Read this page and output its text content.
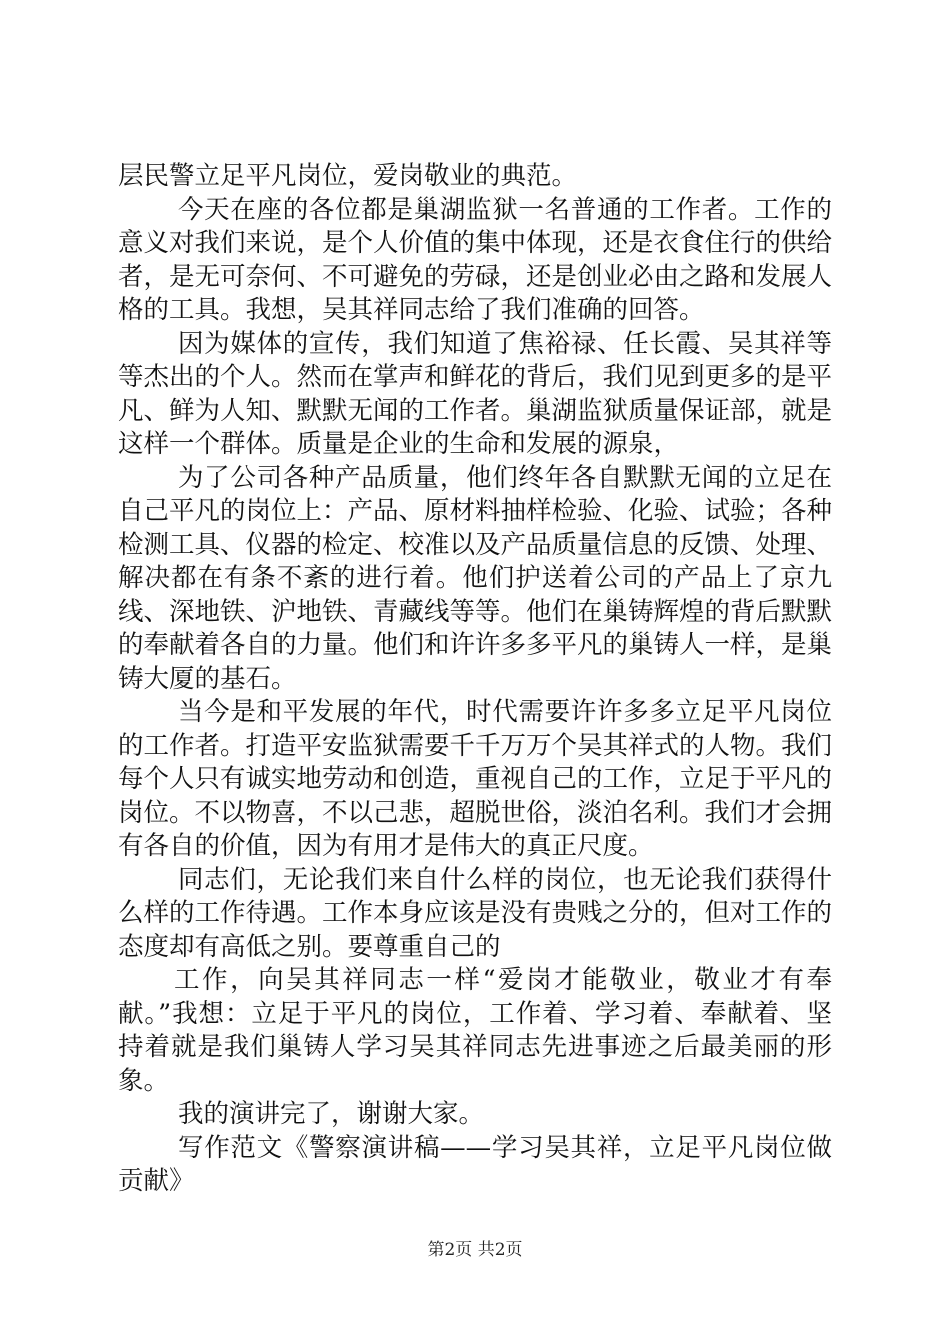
层民警立足平凡岗位，爱岗敬业的典范。

今天在座的各位都是巢湖监狱一名普通的工作者。工作的意义对我们来说，是个人价值的集中体现，还是衣食住行的供给者，是无可奈何、不可避免的劳碌，还是创业必由之路和发展人格的工具。我想，吴其祥同志给了我们准确的回答。

因为媒体的宣传，我们知道了焦裕禄、任长霞、吴其祥等等杰出的个人。然而在掌声和鲜花的背后，我们见到更多的是平凡、鲜为人知、默默无闻的工作者。巢湖监狱质量保证部，就是这样一个群体。质量是企业的生命和发展的源泉，

为了公司各种产品质量，他们终年各自默默无闻的立足在自己平凡的岗位上：产品、原材料抽样检验、化验、试验；各种检测工具、仪器的检定、校准以及产品质量信息的反馈、处理、解决都在有条不紊的进行着。他们护送着公司的产品上了京九线、深地铁、沪地铁、青藏线等等。他们在巢铸辉煌的背后默默的奉献着各自的力量。他们和许许多多平凡的巢铸人一样，是巢铸大厦的基石。

当今是和平发展的年代，时代需要许许多多立足平凡岗位的工作者。打造平安监狱需要千千万万个吴其祥式的人物。我们每个人只有诚实地劳动和创造，重视自己的工作，立足于平凡的岗位。不以物喜，不以己悲，超脱世俗，淡泊名利。我们才会拥有各自的价值，因为有用才是伟大的真正尺度。

同志们，无论我们来自什么样的岗位，也无论我们获得什么样的工作待遇。工作本身应该是没有贵贱之分的，但对工作的态度却有高低之别。要尊重自己的

工作，向吴其祥同志一样“爱岗才能敬业，敬业才有奉献。”我想：立足于平凡的岗位，工作着、学习着、奉献着、坚持着就是我们巢铸人学习吴其祥同志先进事迹之后最美丽的形象。

我的演讲完了，谢谢大家。

写作范文《警察演讲稿——学习吴其祥，立足平凡岗位做贡献》

第2页 共2页
